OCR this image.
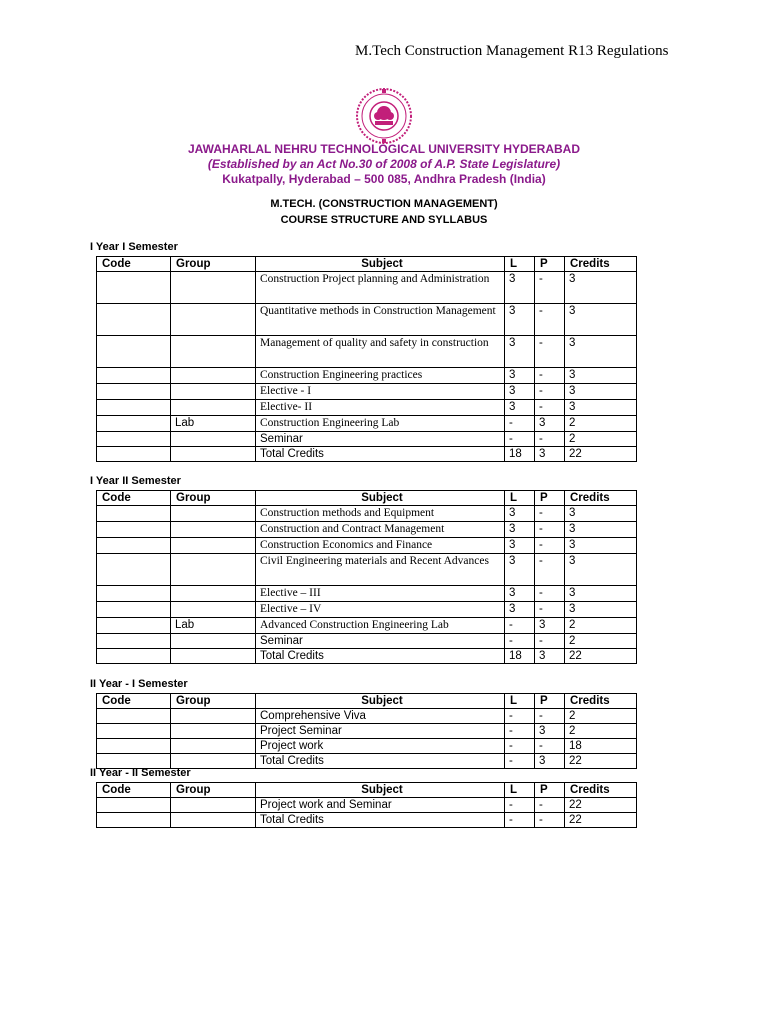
M.Tech Construction Management R13 Regulations
JAWAHARLAL NEHRU TECHNOLOGICAL UNIVERSITY HYDERABAD
(Established by an Act No.30 of 2008 of A.P. State Legislature)
Kukatpally, Hyderabad – 500 085, Andhra Pradesh (India)
M.TECH. (CONSTRUCTION MANAGEMENT)
COURSE STRUCTURE AND SYLLABUS
I Year I Semester
Code	Group	Subject	L	P	Credits
		Construction Project planning and Administration	3	-	3
		Quantitative methods in Construction Management	3	-	3
		Management of quality and safety in construction	3	-	3
		Construction Engineering practices	3	-	3
		Elective - I	3	-	3
		Elective- II	3	-	3
	Lab	Construction Engineering Lab	-	3	2
		Seminar	-	-	2
		Total Credits	18	3	22
I Year II Semester
Code	Group	Subject	L	P	Credits
		Construction methods and Equipment	3	-	3
		Construction and Contract Management	3	-	3
		Construction Economics and Finance	3	-	3
		Civil Engineering materials and Recent Advances	3	-	3
		Elective – III	3	-	3
		Elective – IV	3	-	3
	Lab	Advanced Construction Engineering Lab	-	3	2
		Seminar	-	-	2
		Total Credits	18	3	22
II Year - I Semester
Code	Group	Subject	L	P	Credits
		Comprehensive Viva	-	-	2
		Project Seminar	-	3	2
		Project work	-	-	18
		Total Credits	-	3	22
II Year - II Semester
Code	Group	Subject	L	P	Credits
		Project work and Seminar	-	-	22
		Total Credits	-	-	22
